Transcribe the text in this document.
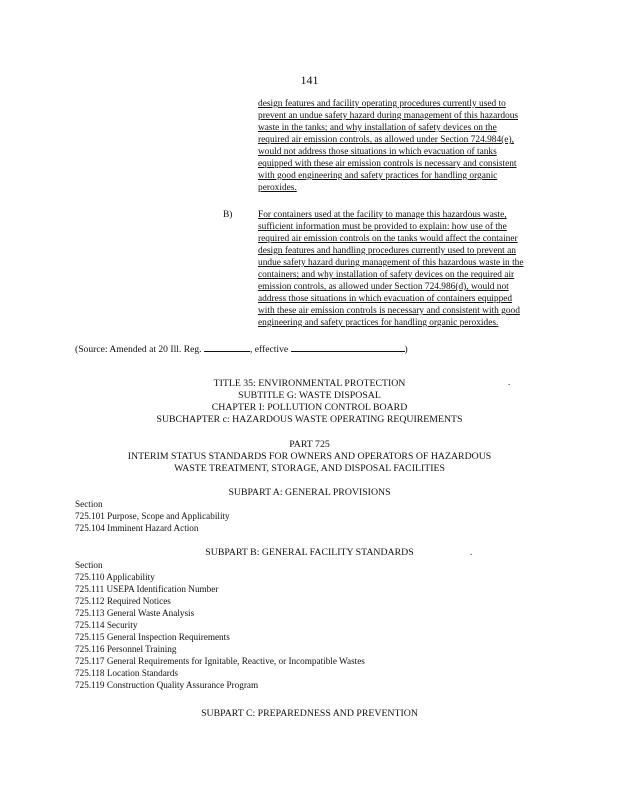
141
design features and facility operating procedures currently used to
prevent an undue safety hazard during management of this hazardous
waste in the tanks; and why installation of safety devices on the
required air emission controls, as allowed under Section 724.984(e),
would not address those situations in which evacuation of tanks
equipped with these air emission controls is necessary and consistent
with good engineering and safety practices for handling organic
peroxides.
B)	For containers used at the facility to manage this hazardous waste,
sufficient information must be provided to explain: how use of the
required air emission controls on the tanks would affect the container
design features and handling procedures currently used to prevent an
undue safety hazard during management of this hazardous waste in the
containers; and why installation of safety devices on the required air
emission controls, as allowed under Section 724.986(d), would not
address those situations in which evacuation of containers equipped
with these air emission controls is necessary and consistent with good
engineering and safety practices for handling organic peroxides.
(Source: Amended at 20 Ill. Reg.	, effective	)
TITLE 35: ENVIRONMENTAL PROTECTION	.
SUBTITLE G: WASTE DISPOSAL
CHAPTER I: POLLUTION CONTROL BOARD
SUBCHAPTER c: HAZARDOUS WASTE OPERATING REQUIREMENTS
PART 725
INTERIM STATUS STANDARDS FOR OWNERS AND OPERATORS OF HAZARDOUS
WASTE TREATMENT, STORAGE, AND DISPOSAL FACILITIES
SUBPART A: GENERAL PROVISIONS
Section
725.101 Purpose, Scope and Applicability
725.104 Imminent Hazard Action
SUBPART B: GENERAL FACILITY STANDARDS	.
Section
725.110 Applicability
725.111 USEPA Identification Number
725.112 Required Notices
725.113 General Waste Analysis
725.114 Security
725.115 General Inspection Requirements
725.116 Personnel Training
725.117 General Requirements for Ignitable, Reactive, or Incompatible Wastes
725.118 Location Standards
725.119 Construction Quality Assurance Program
SUBPART C: PREPAREDNESS AND PREVENTION
